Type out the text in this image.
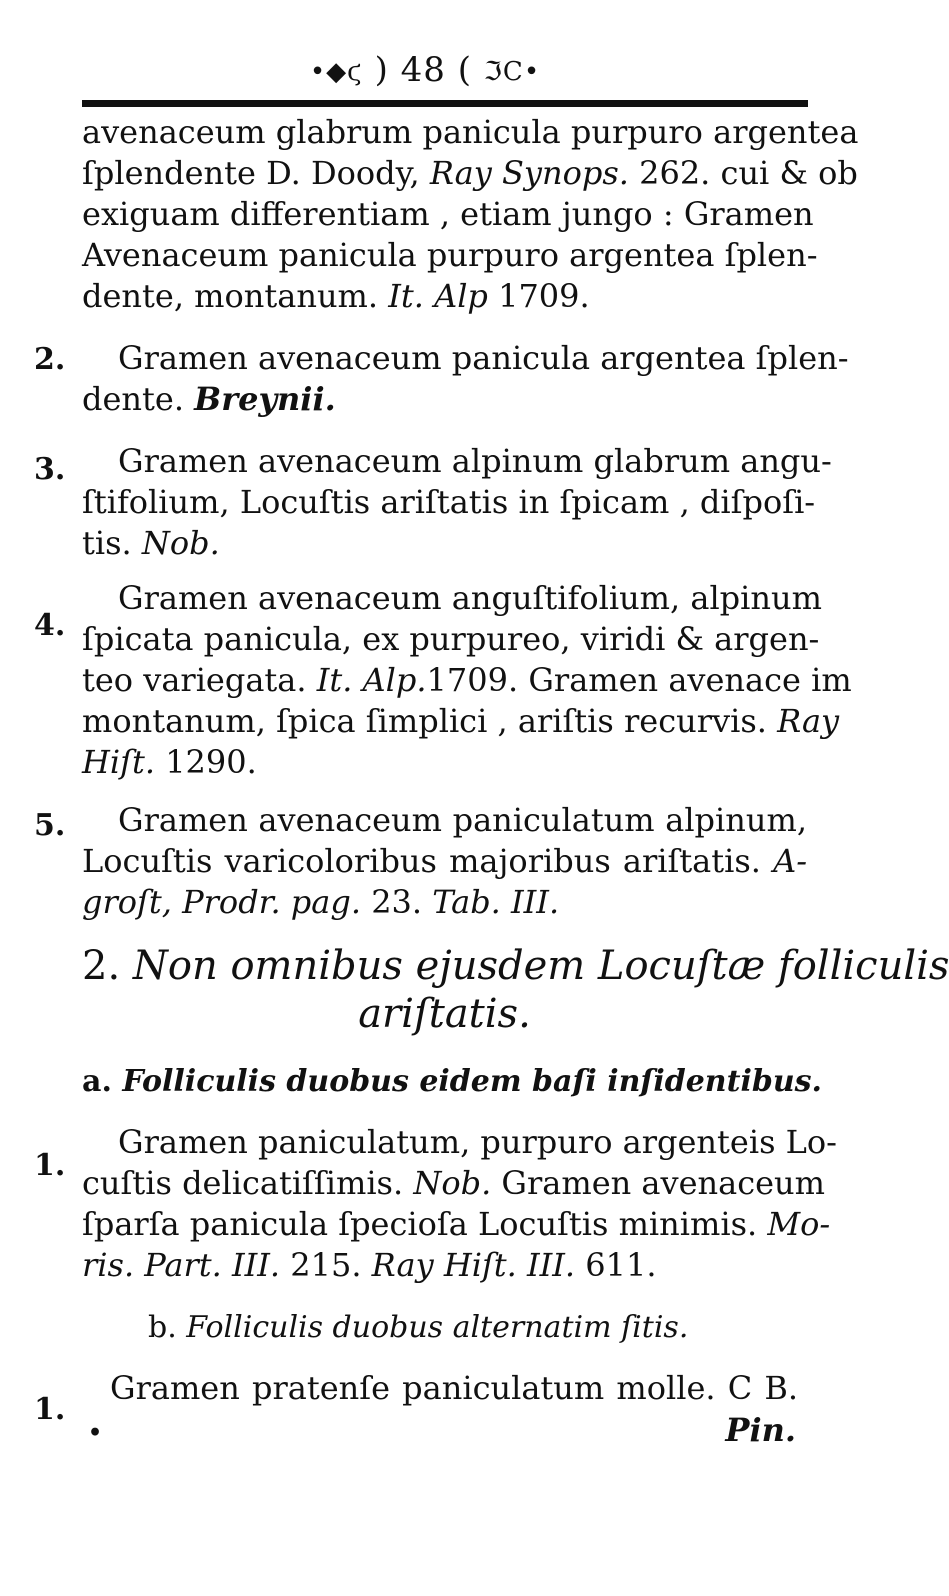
•◆ϛ ) 48 ( ℑϹ•
avenaceum glabrum panicula purpuro argentea
ſplendente D. Doody, Ray Synops. 262. cui & ob
exiguam differentiam , etiam jungo : Gramen
Avenaceum panicula purpuro argentea ſplen-
dente, montanum. It. Alp 1709.
2. Gramen avenaceum panicula argentea ſplen-
dente. Breynii.
3. Gramen avenaceum alpinum glabrum angu-
ſtifolium, Locuſtis ariſtatis in ſpicam , diſpoſi-
tis. Nob.
4.
Gramen avenaceum anguſtifolium, alpinum
ſpicata panicula, ex purpureo, viridi & argen-
teo variegata. It. Alp.1709. Gramen avenace im
montanum, ſpica ſimplici , ariſtis recurvis. Ray
Hiſt. 1290.
5.	Gramen avenaceum paniculatum alpinum,
Locuſtis varicoloribus majoribus ariſtatis. A-
groſt, Prodr. pag. 23. Tab. III.
2. Non omnibus ejusdem Locuſtæ folliculis
ariſtatis.
a. Folliculis duobus eidem baſi inſidentibus.
1.
Gramen paniculatum, purpuro argenteis Lo-
cuſtis delicatiſſimis. Nob. Gramen avenaceum
ſparſa panicula ſpecioſa Locuſtis minimis. Mo-
ris. Part. III. 215. Ray Hiſt. III. 611.
b. Folliculis duobus alternatim ſitis.
1.
Gramen pratenſe paniculatum molle. C B.
Pin.
•
